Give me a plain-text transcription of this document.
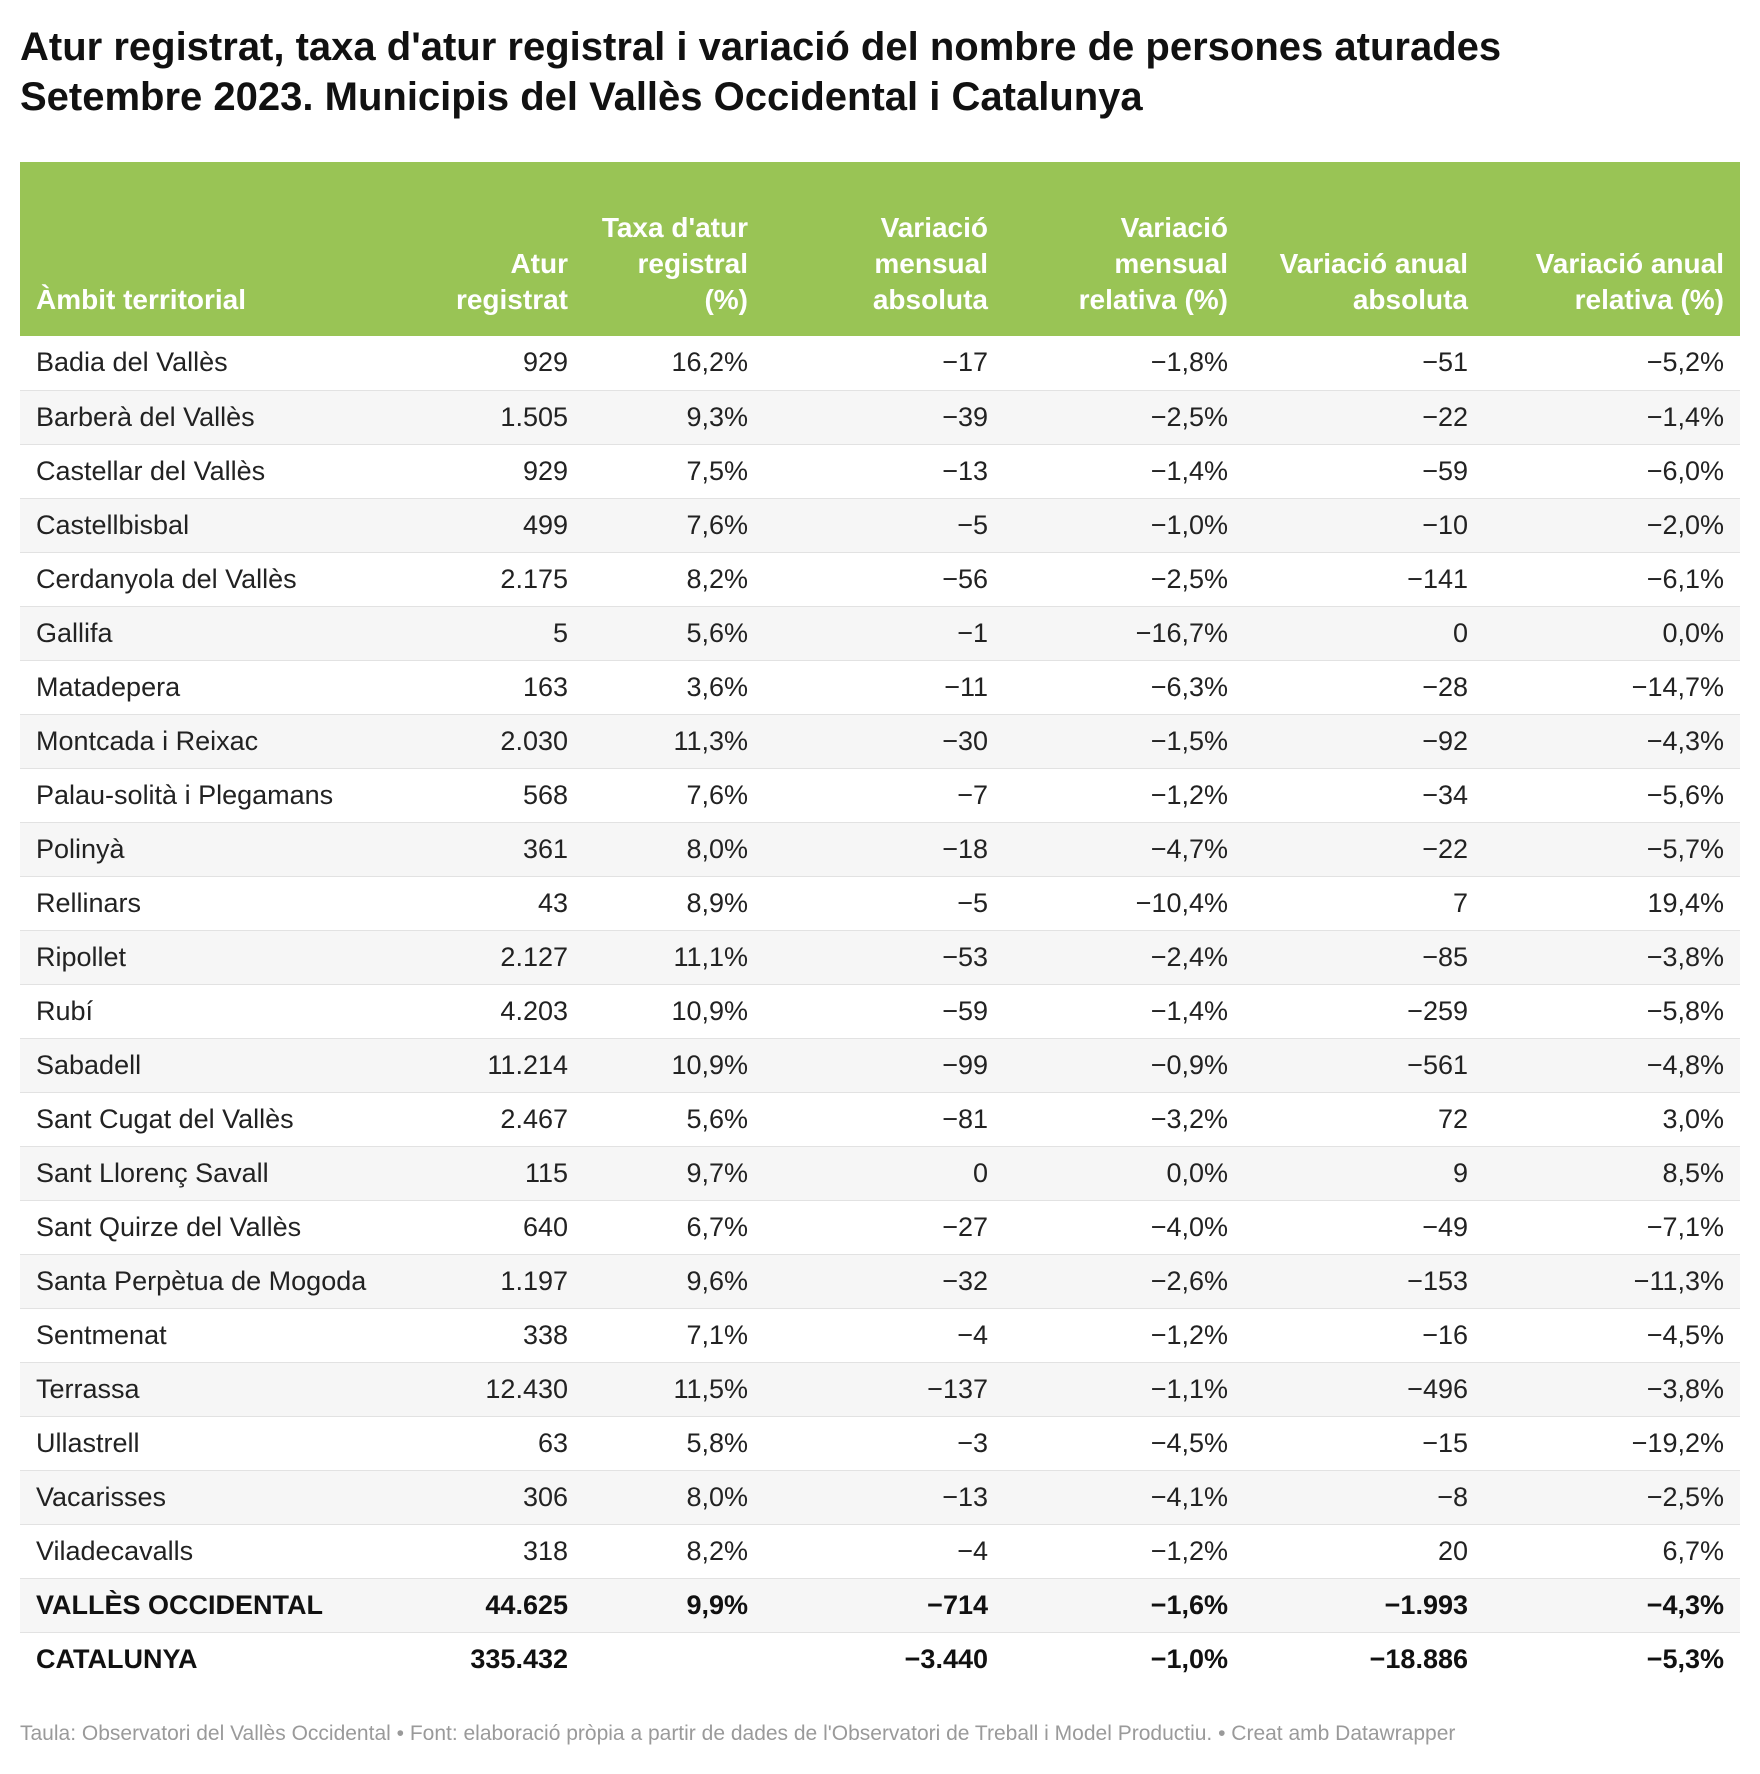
Atur registrat, taxa d'atur registral i variació del nombre de persones aturades
Setembre 2023. Municipis del Vallès Occidental i Catalunya
Àmbit territorial	Atur registrat	Taxa d'atur registral (%)	Variació mensual absoluta	Variació mensual relativa (%)	Variació anual absoluta	Variació anual relativa (%)
Badia del Vallès	929	16,2%	−17	−1,8%	−51	−5,2%
Barberà del Vallès	1.505	9,3%	−39	−2,5%	−22	−1,4%
Castellar del Vallès	929	7,5%	−13	−1,4%	−59	−6,0%
Castellbisbal	499	7,6%	−5	−1,0%	−10	−2,0%
Cerdanyola del Vallès	2.175	8,2%	−56	−2,5%	−141	−6,1%
Gallifa	5	5,6%	−1	−16,7%	0	0,0%
Matadepera	163	3,6%	−11	−6,3%	−28	−14,7%
Montcada i Reixac	2.030	11,3%	−30	−1,5%	−92	−4,3%
Palau-solità i Plegamans	568	7,6%	−7	−1,2%	−34	−5,6%
Polinyà	361	8,0%	−18	−4,7%	−22	−5,7%
Rellinars	43	8,9%	−5	−10,4%	7	19,4%
Ripollet	2.127	11,1%	−53	−2,4%	−85	−3,8%
Rubí	4.203	10,9%	−59	−1,4%	−259	−5,8%
Sabadell	11.214	10,9%	−99	−0,9%	−561	−4,8%
Sant Cugat del Vallès	2.467	5,6%	−81	−3,2%	72	3,0%
Sant Llorenç Savall	115	9,7%	0	0,0%	9	8,5%
Sant Quirze del Vallès	640	6,7%	−27	−4,0%	−49	−7,1%
Santa Perpètua de Mogoda	1.197	9,6%	−32	−2,6%	−153	−11,3%
Sentmenat	338	7,1%	−4	−1,2%	−16	−4,5%
Terrassa	12.430	11,5%	−137	−1,1%	−496	−3,8%
Ullastrell	63	5,8%	−3	−4,5%	−15	−19,2%
Vacarisses	306	8,0%	−13	−4,1%	−8	−2,5%
Viladecavalls	318	8,2%	−4	−1,2%	20	6,7%
VALLÈS OCCIDENTAL	44.625	9,9%	−714	−1,6%	−1.993	−4,3%
CATALUNYA	335.432		−3.440	−1,0%	−18.886	−5,3%
Taula: Observatori del Vallès Occidental • Font: elaboració pròpia a partir de dades de l'Observatori de Treball i Model Productiu. • Creat amb Datawrapper
